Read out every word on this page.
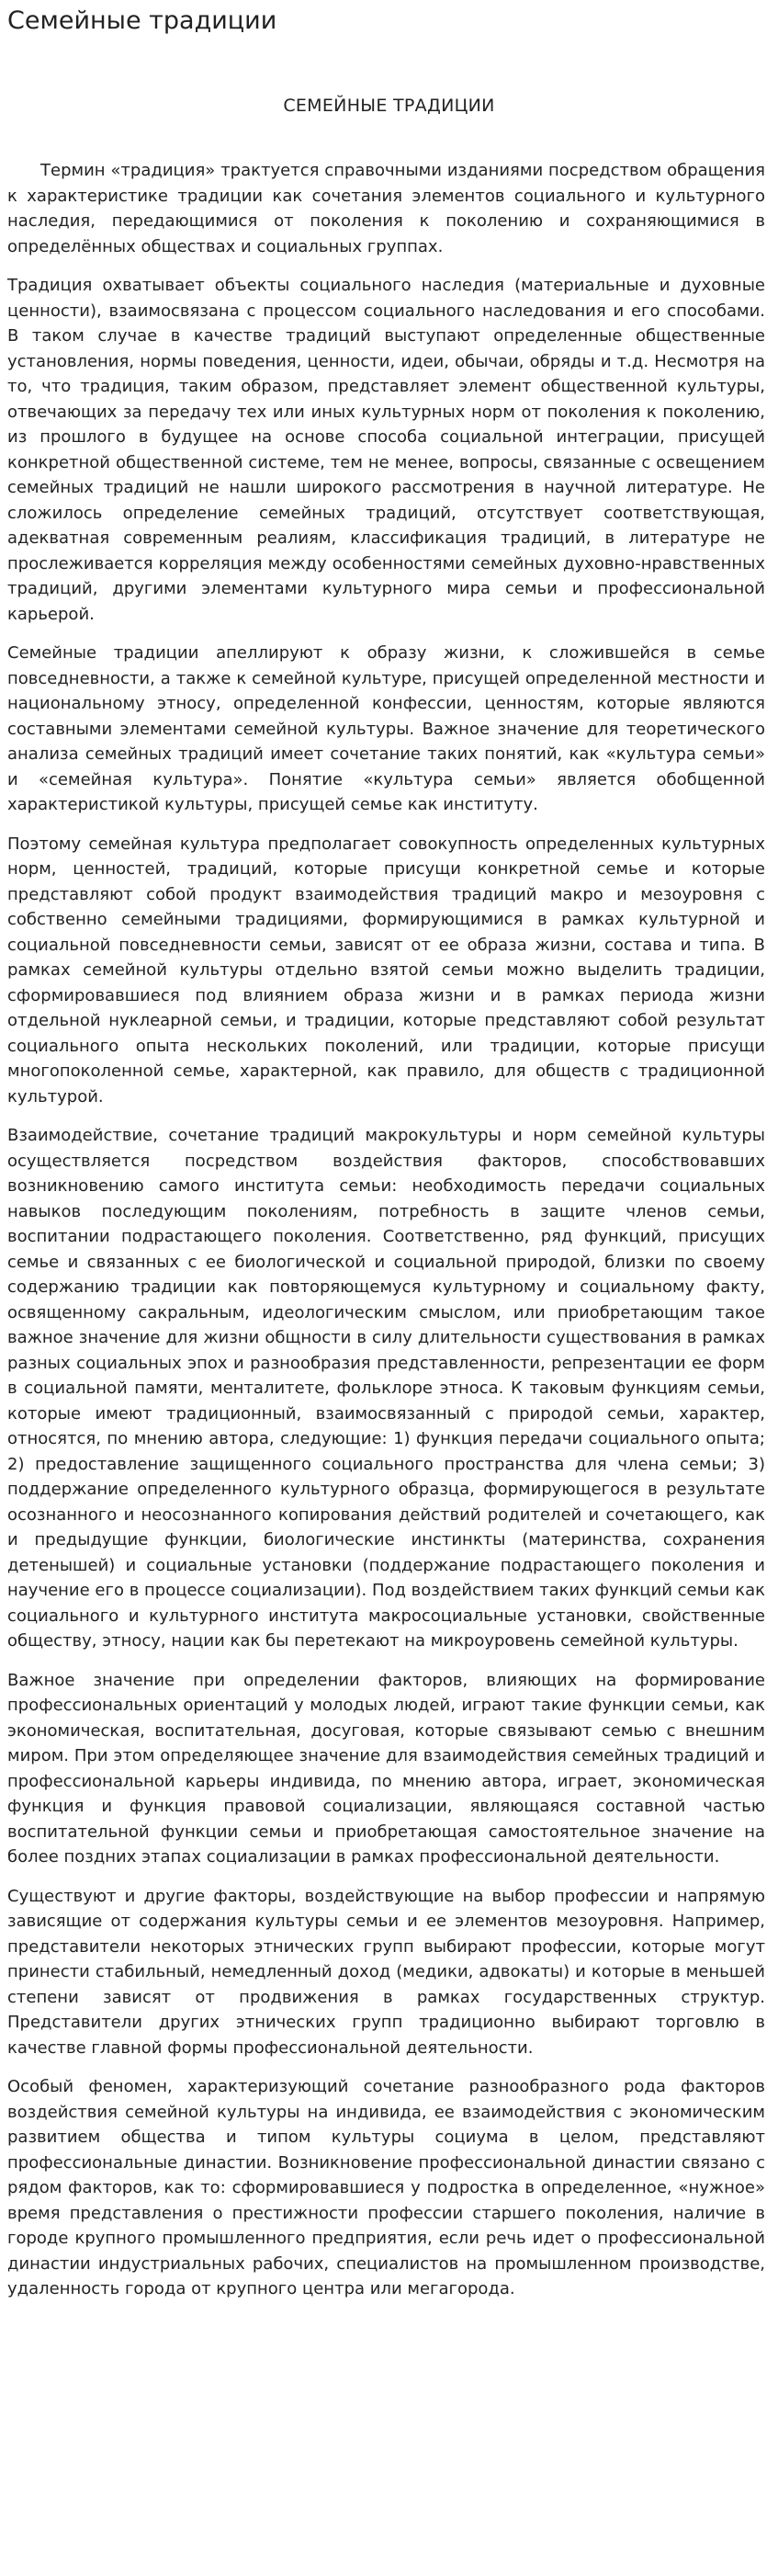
Семейные традиции
СЕМЕЙНЫЕ ТРАДИЦИИ

Термин «традиция» трактуется справочными изданиями посредством обращения к характеристике традиции как сочетания элементов социального и культурного наследия, передающимися от поколения к поколению и сохраняющимися в определённых обществах и социальных группах.

Традиция охватывает объекты социального наследия (материальные и духовные ценности), взаимосвязана с процессом социального наследования и его способами. В таком случае в качестве традиций выступают определенные общественные установления, нормы поведения, ценности, идеи, обычаи, обряды и т.д. Несмотря на то, что традиция, таким образом, представляет элемент общественной культуры, отвечающих за передачу тех или иных культурных норм от поколения к поколению, из прошлого в будущее на основе способа социальной интеграции, присущей конкретной общественной системе, тем не менее, вопросы, связанные с освещением семейных традиций не нашли широкого рассмотрения в научной литературе. Не сложилось определение семейных традиций, отсутствует соответствующая, адекватная современным реалиям, классификация традиций, в литературе не прослеживается корреляция между особенностями семейных духовно-нравственных традиций, другими элементами культурного мира семьи и профессиональной карьерой.

Семейные традиции апеллируют к образу жизни, к сложившейся в семье повседневности, а также к семейной культуре, присущей определенной местности и национальному этносу, определенной конфессии, ценностям, которые являются составными элементами семейной культуры. Важное значение для теоретического анализа семейных традиций имеет сочетание таких понятий, как «культура семьи» и «семейная культура». Понятие «культура семьи» является обобщенной характеристикой культуры, присущей семье как институту.

Поэтому семейная культура предполагает совокупность определенных культурных норм, ценностей, традиций, которые присущи конкретной семье и которые представляют собой продукт взаимодействия традиций макро и мезоуровня с собственно семейными традициями, формирующимися в рамках культурной и социальной повседневности семьи, зависят от ее образа жизни, состава и типа. В рамках семейной культуры отдельно взятой семьи можно выделить традиции, сформировавшиеся под влиянием образа жизни и в рамках периода жизни отдельной нуклеарной семьи, и традиции, которые представляют собой результат социального опыта нескольких поколений, или традиции, которые присущи многопоколенной семье, характерной, как правило, для обществ с традиционной культурой.

Взаимодействие, сочетание традиций макрокультуры и норм семейной культуры осуществляется посредством воздействия факторов, способствовавших возникновению самого института семьи: необходимость передачи социальных навыков последующим поколениям, потребность в защите членов семьи, воспитании подрастающего поколения. Соответственно, ряд функций, присущих семье и связанных с ее биологической и социальной природой, близки по своему содержанию традиции как повторяющемуся культурному и социальному факту, освященному сакральным, идеологическим смыслом, или приобретающим такое важное значение для жизни общности в силу длительности существования в рамках разных социальных эпох и разнообразия представленности, репрезентации ее форм в социальной памяти, менталитете, фольклоре этноса. К таковым функциям семьи, которые имеют традиционный, взаимосвязанный с природой семьи, характер, относятся, по мнению автора, следующие: 1) функция передачи социального опыта; 2) предоставление защищенного социального пространства для члена семьи; 3) поддержание определенного культурного образца, формирующегося в результате осознанного и неосознанного копирования действий родителей и сочетающего, как и предыдущие функции, биологические инстинкты (материнства, сохранения детенышей) и социальные установки (поддержание подрастающего поколения и научение его в процессе социализации). Под воздействием таких функций семьи как социального и культурного института макросоциальные установки, свойственные обществу, этносу, нации как бы перетекают на микроуровень семейной культуры.

Важное значение при определении факторов, влияющих на формирование профессиональных ориентаций у молодых людей, играют такие функции семьи, как экономическая, воспитательная, досуговая, которые связывают семью с внешним миром. При этом определяющее значение для взаимодействия семейных традиций и профессиональной карьеры индивида, по мнению автора, играет, экономическая функция и функция правовой социализации, являющаяся составной частью воспитательной функции семьи и приобретающая самостоятельное значение на более поздних этапах социализации в рамках профессиональной деятельности.

Существуют и другие факторы, воздействующие на выбор профессии и напрямую зависящие от содержания культуры семьи и ее элементов мезоуровня. Например, представители некоторых этнических групп выбирают профессии, которые могут принести стабильный, немедленный доход (медики, адвокаты) и которые в меньшей степени зависят от продвижения в рамках государственных структур. Представители других этнических групп традиционно выбирают торговлю в качестве главной формы профессиональной деятельности.

Особый феномен, характеризующий сочетание разнообразного рода факторов воздействия семейной культуры на индивида, ее взаимодействия с экономическим развитием общества и типом культуры социума в целом, представляют профессиональные династии. Возникновение профессиональной династии связано с рядом факторов, как то: сформировавшиеся у подростка в определенное, «нужное» время представления о престижности профессии старшего поколения, наличие в городе крупного промышленного предприятия, если речь идет о профессиональной династии индустриальных рабочих, специалистов на промышленном производстве, удаленность города от крупного центра или мегагорода.
